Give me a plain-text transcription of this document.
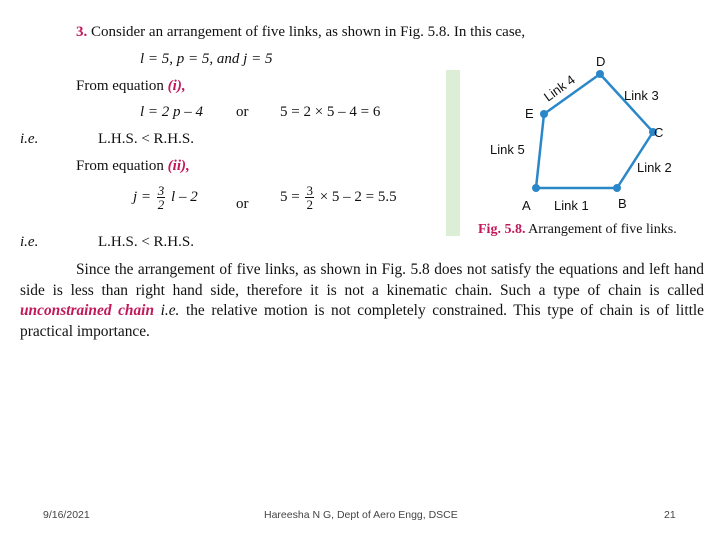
3. Consider an arrangement of five links, as shown in Fig. 5.8. In this case,
l = 5, p = 5, and j = 5
From equation (i),
l = 2 p – 4 or 5 = 2 × 5 – 4 = 6
i.e.	L.H.S. < R.H.S.
From equation (ii),
$j = \frac{3}{2}$ l – 2	or $5 = \frac{3}{2} \times 5 - 2 = 5.5$
i.e.	L.H.S. < R.H.S.
A	B
C
D
E
Link 1
Link 2
Link 3
Link 4
Link 5
Fig. 5.8. Arrangement of five links.
Since the arrangement of five links, as shown in Fig. 5.8 does not satisfy the equations and left hand side is less than right hand side, therefore it is not a kinematic chain. Such a type of chain is called unconstrained chain i.e. the relative motion is not completely constrained. This type of chain is of little practical importance.
9/16/2021	Hareesha N G, Dept of Aero Engg, DSCE	21
